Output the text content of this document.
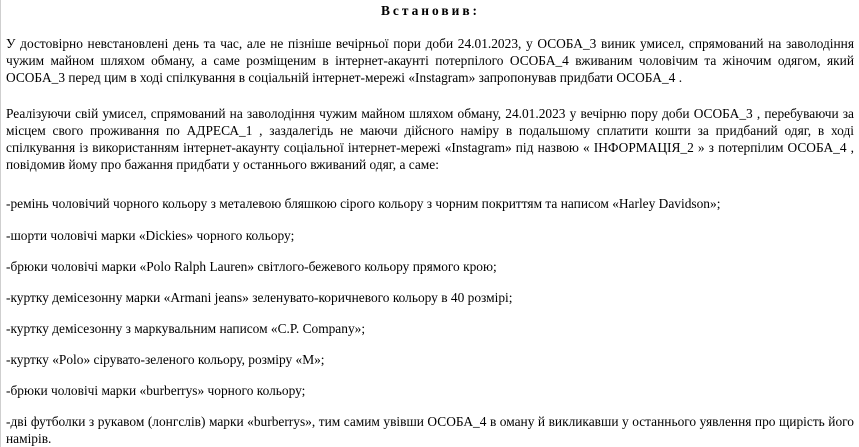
Встановив:

У достовірно невстановлені день та час, але не пізніше вечірньої пори доби 24.01.2023, у ОСОБА_3 виник умисел, спрямований на заволодіння чужим майном шляхом обману, а саме розміщеним в інтернет-акаунті потерпілого ОСОБА_4 вживаним чоловічим та жіночим одягом, який ОСОБА_3 перед цим в ході спілкування в соціальній інтернет-мережі «Instagram» запропонував придбати ОСОБА_4 .

Реалізуючи свій умисел, спрямований на заволодіння чужим майном шляхом обману, 24.01.2023 у вечірню пору доби ОСОБА_3 , перебуваючи за місцем свого проживання по АДРЕСА_1 , заздалегідь не маючи дійсного наміру в подальшому сплатити кошти за придбаний одяг, в ході спілкування із використанням інтернет-акаунту соціальної інтернет-мережі «Instagram» під назвою « ІНФОРМАЦІЯ_2 » з потерпілим ОСОБА_4 , повідомив йому про бажання придбати у останнього вживаний одяг, а саме:

-ремінь чоловічий чорного кольору з металевою бляшкою сірого кольору з чорним покриттям та написом «Harley Davidson»;

-шорти чоловічі марки «Dickies» чорного кольору;

-брюки чоловічі марки «Polo Ralph Lauren» світлого-бежевого кольору прямого крою;

-куртку демісезонну марки «Armani jeans» зеленувато-коричневого кольору в 40 розмірі;

-куртку демісезонну з маркувальним написом «C.P. Company»;

-куртку «Polo» сірувато-зеленого кольору, розміру «M»;

-брюки чоловічі марки «burberrys» чорного кольору;

-дві футболки з рукавом (лонгслів) марки «burberrys», тим самим увівши ОСОБА_4 в оману й викликавши у останнього уявлення про щирість його намірів.
